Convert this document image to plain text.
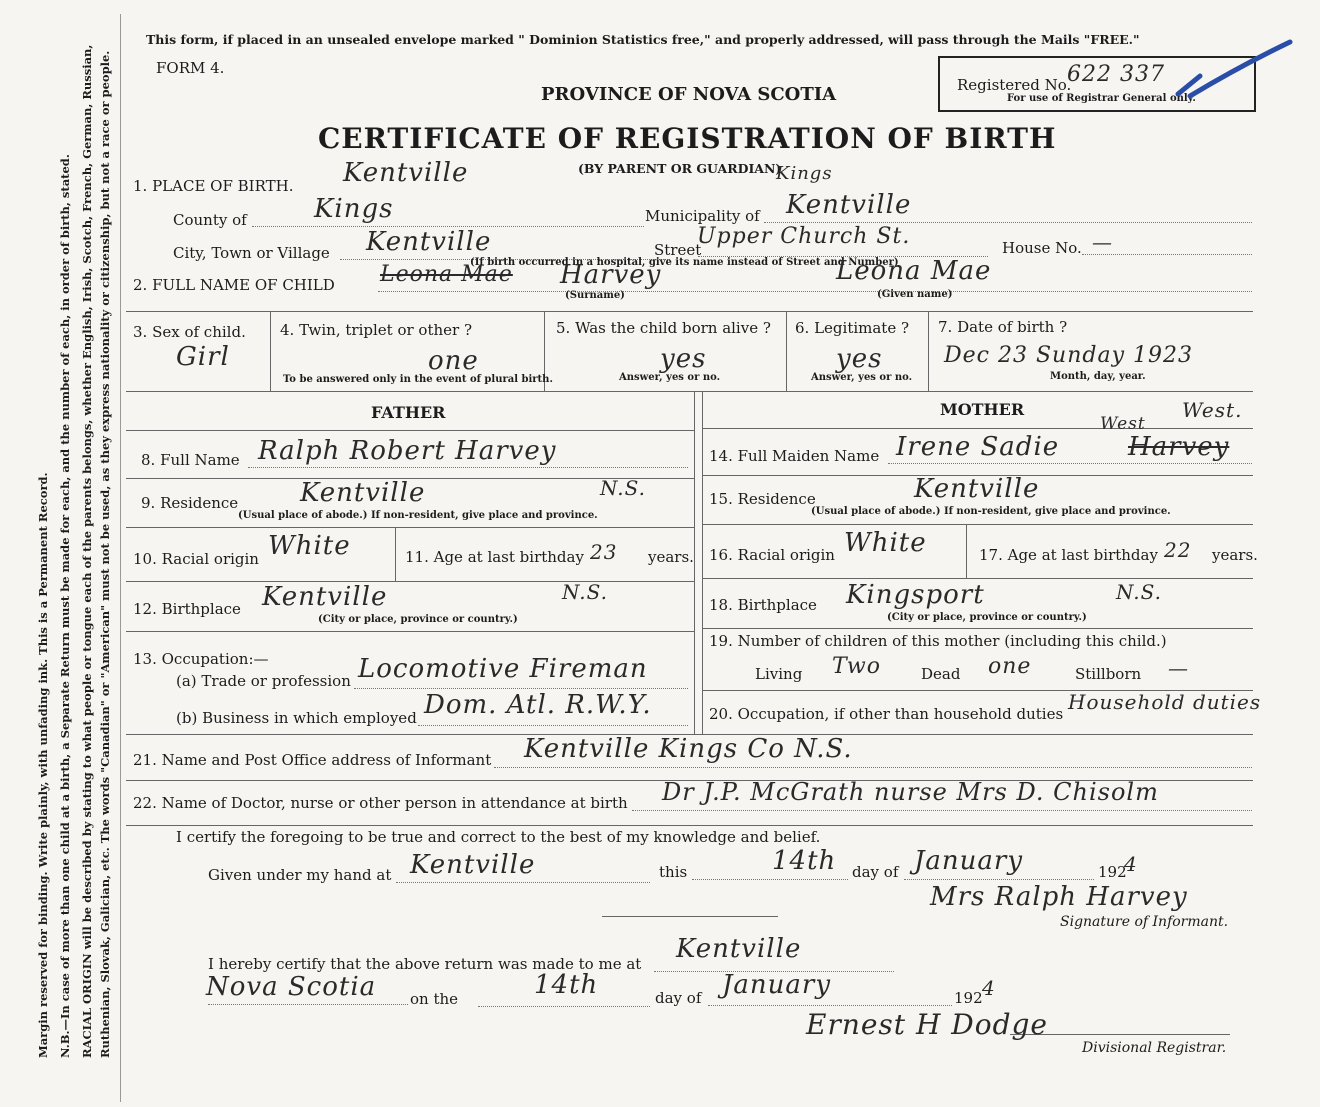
Margin reserved for binding. Write plainly, with unfading ink. This is a Permanent Record. N.B.—In case of more than one child at a birth, a Separate Return must be made for each, and the number of each, in order of birth, stated. RACIAL ORIGIN will be described by stating to what people or tongue each of the parents belongs, whether English, Irish, Scotch, French, German, Russian, Ruthenian, Slovak, Galician, etc. The words "Canadian" or "American" must not be used, as they express nationality or citizenship, but not a race or people.
This form, if placed in an unsealed envelope marked " Dominion Statistics free," and properly addressed, will pass through the Mails "FREE."
FORM 4.
PROVINCE OF NOVA SCOTIA
CERTIFICATE OF REGISTRATION OF BIRTH
(BY PARENT OR GUARDIAN)
Registered No.
622 337
For use of Registrar General only.
1. PLACE OF BIRTH. Kentville
County of	Kings	Municipality of Kentville
Kings
City, Town or Village Kentville	Street
Upper Church St.	House No. —
(If birth occurred in a hospital, give its name instead of Street and Number)
2. FULL NAME OF CHILD Leona Mae Harvey
(Surname)
Leona Mae
(Given name)
3. Sex of child.
Girl
4. Twin, triplet or other ?
one
To be answered only in the event of plural birth.
5. Was the child born alive ?
yes
Answer, yes or no.
6. Legitimate ?
yes
Answer, yes or no.
7. Date of birth ?
Dec 23 Sunday 1923
Month, day, year.
FATHER
8. Full Name Ralph Robert Harvey
9. Residence Kentville	N.S.
(Usual place of abode.) If non-resident, give place and province.
10. Racial origin White	11. Age at last birthday 23 years.
12. Birthplace Kentville	N.S.
(City or place, province or country.)
13. Occupation:—
(a) Trade or profession Locomotive Fireman
(b) Business in which employed Dom. Atl. R.W.Y.
MOTHER
14. Full Maiden Name Irene Sadie	Harvey
West
West.
15. Residence	Kentville
(Usual place of abode.) If non-resident, give place and province.
16. Racial origin White	17. Age at last birthday 22 years.
18. Birthplace Kingsport	N.S.
(City or place, province or country.)
19. Number of children of this mother (including this child.)
Living Two	Dead one	Stillborn —
20. Occupation, if other than household duties Household duties
21. Name and Post Office address of Informant Kentville Kings Co N.S.
22. Name of Doctor, nurse or other person in attendance at birth Dr J.P. McGrath nurse Mrs D. Chisolm
I certify the foregoing to be true and correct to the best of my knowledge and belief.
Given under my hand at Kentville	this	14th day of January	192
4
Mrs Ralph Harvey
Signature of Informant.
I hereby certify that the above return was made to me at Kentville
Nova Scotia on the	14th	day of January	192 4
Ernest H Dodge
Divisional Registrar.
